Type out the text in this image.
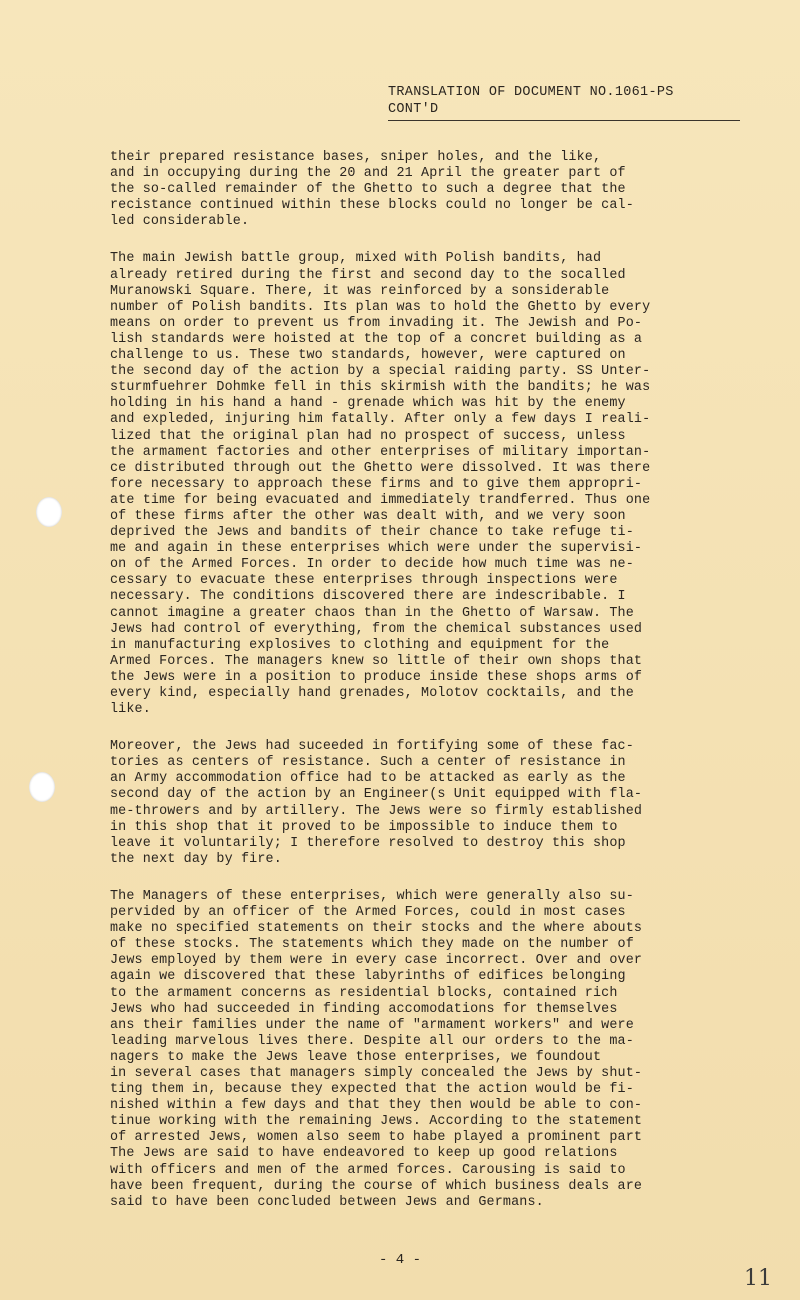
TRANSLATION OF DOCUMENT NO.1061-PS
CONT'D
their prepared resistance bases, sniper holes, and the like,
and in occupying during the 20 and 21 April the greater part of
the so-called remainder of the Ghetto to such a degree that the
recistance continued within these blocks could no longer be cal-
led considerable.
The main Jewish battle group, mixed with Polish bandits, had
already retired during the first and second day to the socalled
Muranowski Square. There, it was reinforced by a sonsiderable
number of Polish bandits. Its plan was to hold the Ghetto by every
means on order to prevent us from invading it. The Jewish and Po-
lish standards were hoisted at the top of a concret building as a
challenge to us. These two standards, however, were captured on
the second day of the action by a special raiding party. SS Unter-
sturmfuehrer Dohmke fell in this skirmish with the bandits; he was
holding in his hand a hand - grenade which was hit by the enemy
and expleded, injuring him fatally. After only a few days I reali-
lized that the original plan had no prospect of success, unless
the armament factories and other enterprises of military importan-
ce distributed through out the Ghetto were dissolved. It was there
fore necessary to approach these firms and to give them appropri-
ate time for being evacuated and immediately trandferred. Thus one
of these firms after the other was dealt with, and we very soon
deprived the Jews and bandits of their chance to take refuge ti-
me and again in these enterprises which were under the supervisi-
on of the Armed Forces. In order to decide how much time was ne-
cessary to evacuate these enterprises through inspections were
necessary. The conditions discovered there are indescribable. I
cannot imagine a greater chaos than in the Ghetto of Warsaw. The
Jews had control of everything, from the chemical substances used
in manufacturing explosives to clothing and equipment for the
Armed Forces. The managers knew so little of their own shops that
the Jews were in a position to produce inside these shops arms of
every kind, especially hand grenades, Molotov cocktails, and the
like.
Moreover, the Jews had suceeded in fortifying some of these fac-
tories as centers of resistance. Such a center of resistance in
an Army accommodation office had to be attacked as early as the
second day of the action by an Engineer(s Unit equipped with fla-
me-throwers and by artillery. The Jews were so firmly established
in this shop that it proved to be impossible to induce them to
leave it voluntarily; I therefore resolved to destroy this shop
the next day by fire.
The Managers of these enterprises, which were generally also su-
pervided by an officer of the Armed Forces, could in most cases
make no specified statements on their stocks and the where abouts
of these stocks. The statements which they made on the number of
Jews employed by them were in every case incorrect. Over and over
again we discovered that these labyrinths of edifices belonging
to the armament concerns as residential blocks, contained rich
Jews who had succeeded in finding accomodations for themselves
ans their families under the name of "armament workers" and were
leading marvelous lives there. Despite all our orders to the ma-
nagers to make the Jews leave those enterprises, we foundout
in several cases that managers simply concealed the Jews by shut-
ting them in, because they expected that the action would be fi-
nished within a few days and that they then would be able to con-
tinue working with the remaining Jews. According to the statement
of arrested Jews, women also seem to habe played a prominent part
The Jews are said to have endeavored to keep up good relations
with officers and men of the armed forces. Carousing is said to
have been frequent, during the course of which business deals are
said to have been concluded between Jews and Germans.
- 4 -
11
